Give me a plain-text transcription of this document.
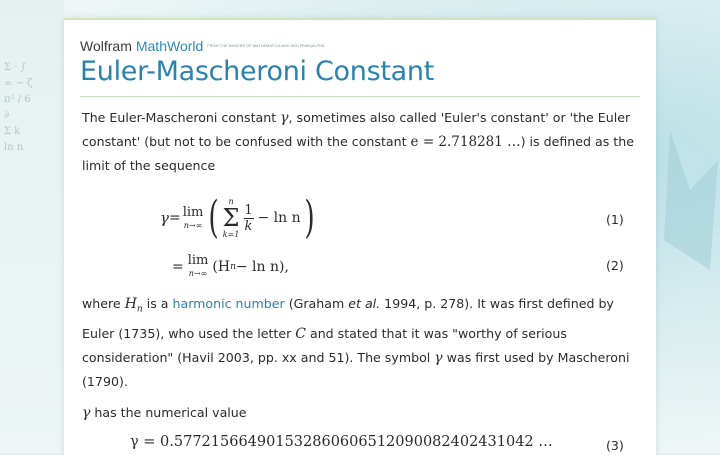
Σ · ∫
∞ − ζ
π² / 6
∂
Σ k
ln n
Wolfram MathWorld FROM THE MAKERS OF MATHEMATICA AND WOLFRAM|ALPHA
Euler-Mascheroni Constant
The Euler-Mascheroni constant γ, sometimes also called 'Euler's constant' or 'the Euler constant' (but not to be confused with the constant e = 2.718281 …) is defined as the limit of the sequence
γ = lim
n→∞ ( n
Σ
k=1
$\frac{1}{k} - \ln n$ )	(1)
= lim
n→∞ (H n − ln n),	(2)
where $H_n$ is a harmonic number (Graham et al. 1994, p. 278). It was first defined by Euler (1735), who used the letter C and stated that it was "worthy of serious consideration" (Havil 2003, pp. xx and 51). The symbol γ was first used by Mascheroni (1790).
γ has the numerical value
γ = 0.57721566490153286060651209008240243​1042 …	(3)
